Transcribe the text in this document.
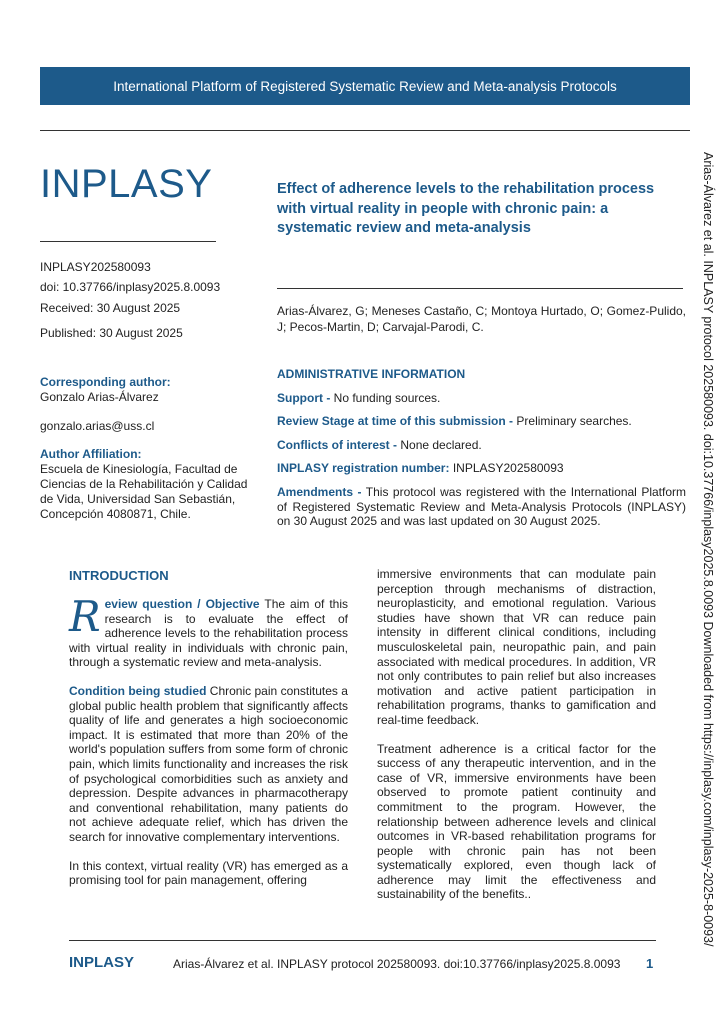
International Platform of Registered Systematic Review and Meta-analysis Protocols
INPLASY	Effect of adherence levels to the rehabilitation process with virtual reality in people with chronic pain: a systematic review and meta-analysis
INPLASY202580093
doi: 10.37766/inplasy2025.8.0093
Received: 30 August 2025
Published: 30 August 2025
Arias-Álvarez, G; Meneses Castaño, C; Montoya Hurtado, O; Gomez-Pulido, J; Pecos-Martin, D; Carvajal-Parodi, C.
Corresponding author:
Gonzalo Arias-Álvarez
gonzalo.arias@uss.cl
Author Affiliation:
Escuela de Kinesiología, Facultad de Ciencias de la Rehabilitación y Calidad de Vida, Universidad San Sebastián, Concepción 4080871, Chile.
ADMINISTRATIVE INFORMATION
Support - No funding sources.
Review Stage at time of this submission - Preliminary searches.
Conflicts of interest - None declared.
INPLASY registration number: INPLASY202580093
Amendments - This protocol was registered with the International Platform of Registered Systematic Review and Meta-Analysis Protocols (INPLASY) on 30 August 2025 and was last updated on 30 August 2025.
INTRODUCTION

Review question / Objective The aim of this research is to evaluate the effect of adherence levels to the rehabilitation process with virtual reality in individuals with chronic pain, through a systematic review and meta-analysis.

Condition being studied Chronic pain constitutes a global public health problem that significantly affects quality of life and generates a high socioeconomic impact. It is estimated that more than 20% of the world's population suffers from some form of chronic pain, which limits functionality and increases the risk of psychological comorbidities such as anxiety and depression. Despite advances in pharmacotherapy and conventional rehabilitation, many patients do not achieve adequate relief, which has driven the search for innovative complementary interventions.

In this context, virtual reality (VR) has emerged as a promising tool for pain management, offering

immersive environments that can modulate pain perception through mechanisms of distraction, neuroplasticity, and emotional regulation. Various studies have shown that VR can reduce pain intensity in different clinical conditions, including musculoskeletal pain, neuropathic pain, and pain associated with medical procedures. In addition, VR not only contributes to pain relief but also increases motivation and active patient participation in rehabilitation programs, thanks to gamification and real-time feedback.

Treatment adherence is a critical factor for the success of any therapeutic intervention, and in the case of VR, immersive environments have been observed to promote patient continuity and commitment to the program. However, the relationship between adherence levels and clinical outcomes in VR-based rehabilitation programs for people with chronic pain has not been systematically explored, even though lack of adherence may limit the effectiveness and sustainability of the benefits..

INPLASY	Arias-Álvarez et al. INPLASY protocol 202580093. doi:10.37766/inplasy2025.8.0093 1
Arias-Álvarez et al. INPLASY protocol 202580093. doi:10.37766/inplasy2025.8.0093 Downloaded from https://inplasy.com/inplasy-2025-8-0093/
